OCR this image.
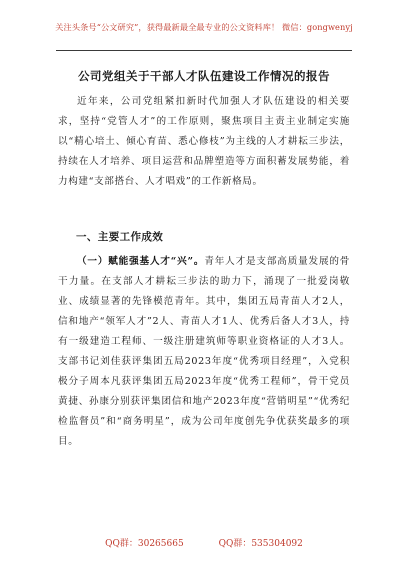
关注头条号“公文研究”，获得最新最全最专业的公文资料库！ 微信：gongwenyj
公司党组关于干部人才队伍建设工作情况的报告

近年来，公司党组紧扣新时代加强人才队伍建设的相关要求，坚持“党管人才”的工作原则，聚焦项目主责主业制定实施以“精心培土、倾心育苗、悉心修枝”为主线的人才耕耘三步法，持续在人才培养、项目运营和品牌塑造等方面积蓄发展势能，着力构建“支部搭台、人才唱戏”的工作新格局。

一、主要工作成效

（一）赋能强基人才“兴”。青年人才是支部高质量发展的骨干力量。在支部人才耕耘三步法的助力下，涌现了一批爱岗敬业、成绩显著的先锋模范青年。其中，集团五局青苗人才2人，信和地产“领军人才”2人、青苗人才1人、优秀后备人才3人，持有一级建造工程师、一级注册建筑师等职业资格证的人才3人。支部书记刘佳获评集团五局2023年度“优秀项目经理”，入党积极分子周本凡获评集团五局2023年度“优秀工程师”，骨干党员黄捷、孙康分别获评集团信和地产2023年度“营销明星”“优秀纪检监督员”和“商务明星”，成为公司年度创先争优获奖最多的项目。

QQ群：30265665	QQ群：535304092
